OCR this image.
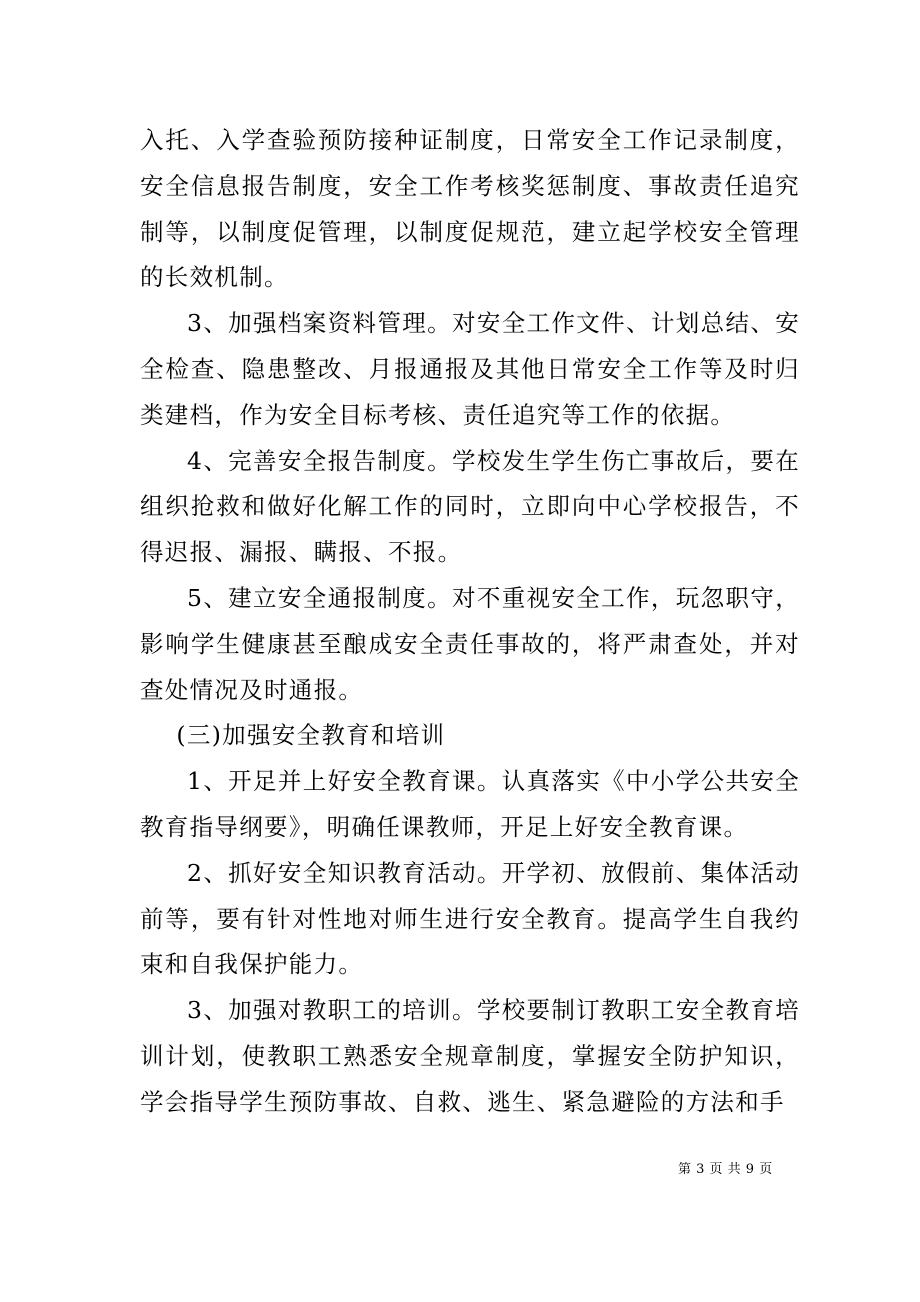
入托、入学查验预防接种证制度，日常安全工作记录制度，安全信息报告制度，安全工作考核奖惩制度、事故责任追究制等，以制度促管理，以制度促规范，建立起学校安全管理的长效机制。

3、加强档案资料管理。对安全工作文件、计划总结、安全检查、隐患整改、月报通报及其他日常安全工作等及时归类建档，作为安全目标考核、责任追究等工作的依据。

4、完善安全报告制度。学校发生学生伤亡事故后，要在组织抢救和做好化解工作的同时，立即向中心学校报告，不得迟报、漏报、瞒报、不报。

5、建立安全通报制度。对不重视安全工作，玩忽职守，影响学生健康甚至酿成安全责任事故的，将严肃查处，并对查处情况及时通报。

(三)加强安全教育和培训

1、开足并上好安全教育课。认真落实《中小学公共安全教育指导纲要》，明确任课教师，开足上好安全教育课。

2、抓好安全知识教育活动。开学初、放假前、集体活动前等，要有针对性地对师生进行安全教育。提高学生自我约束和自我保护能力。

3、加强对教职工的培训。学校要制订教职工安全教育培训计划，使教职工熟悉安全规章制度，掌握安全防护知识，学会指导学生预防事故、自救、逃生、紧急避险的方法和手

第 3 页 共 9 页
